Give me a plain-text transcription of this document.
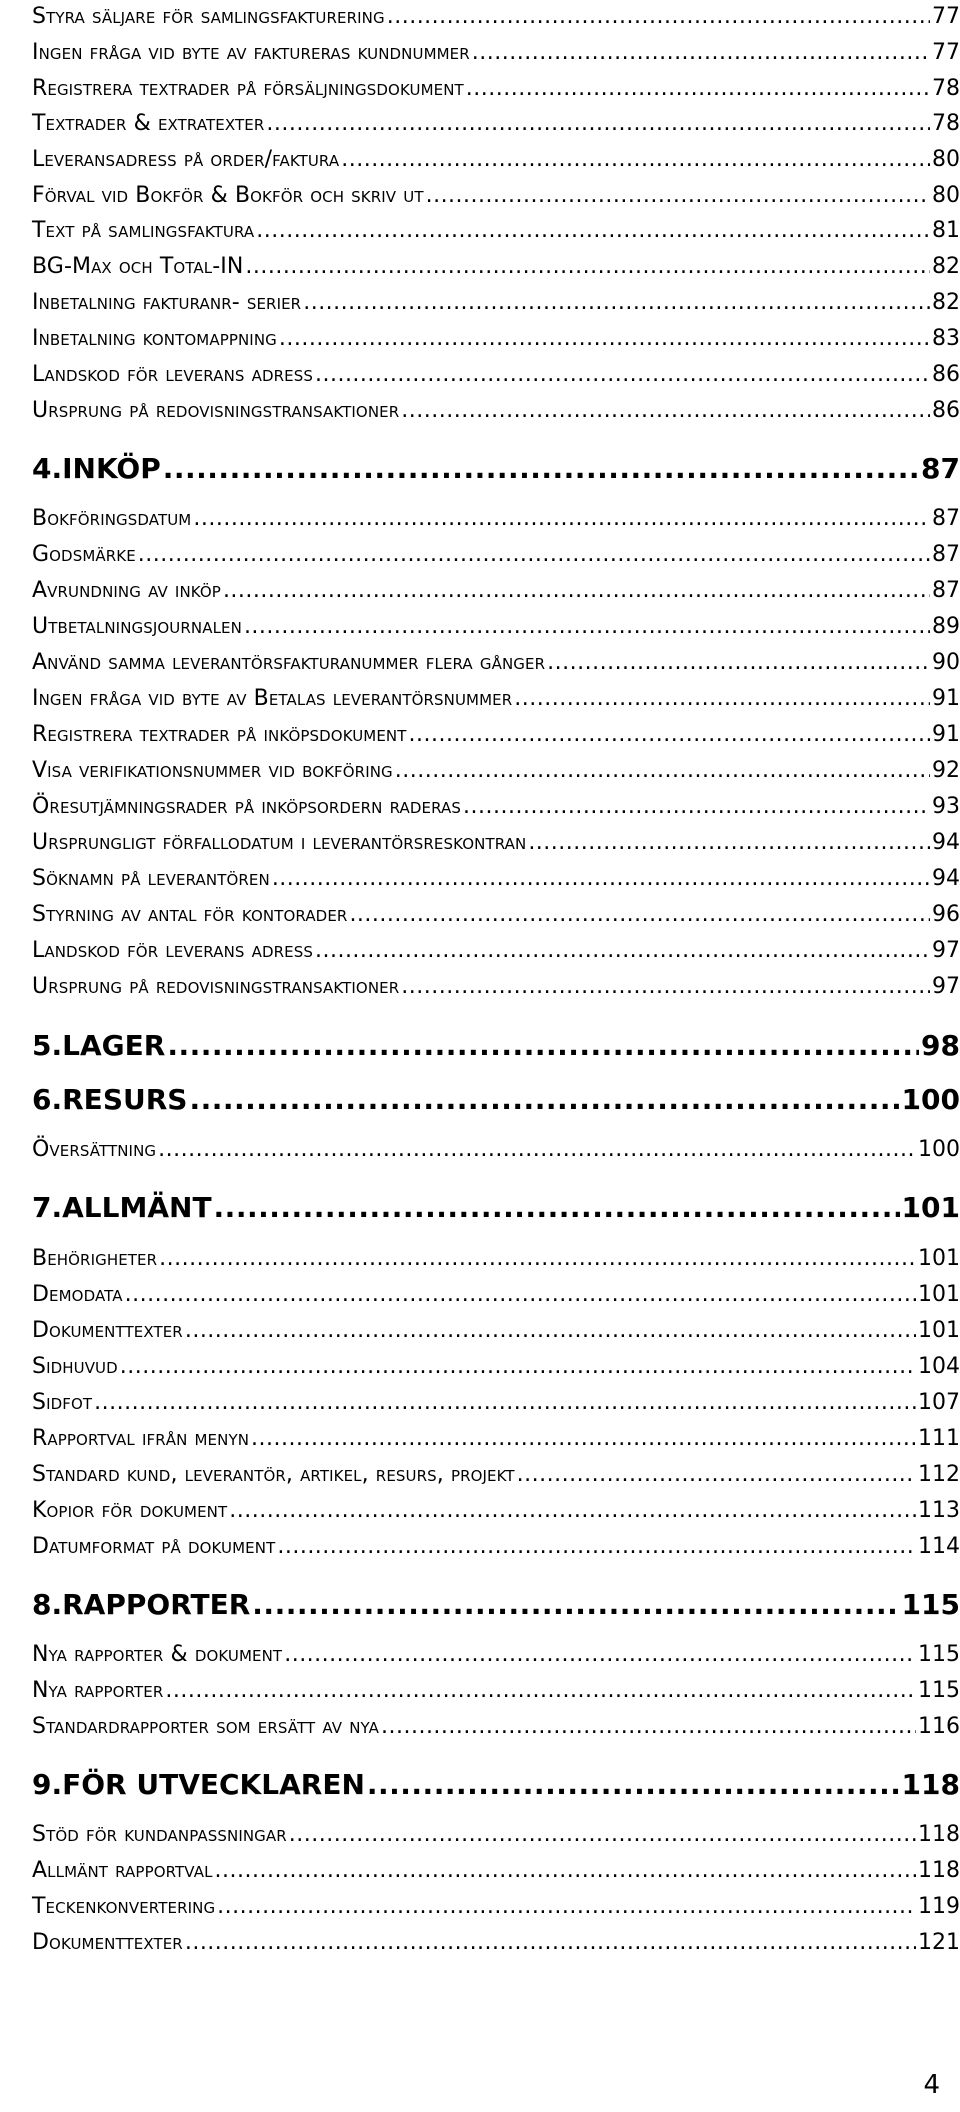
Styra säljare för samlingsfakturering .....	77
Ingen fråga vid byte av faktureras kundnummer .....	77
Registrera textrader på försäljningsdokument .....	78
Textrader & extratexter .....	78
Leveransadress på order/faktura .....	80
Förval vid Bokför & Bokför och skriv ut .....	80
Text på samlingsfaktura .....	81
BG-Max och Total-IN .....	82
Inbetalning fakturanr- serier .....	82
Inbetalning kontomappning .....	83
Landskod för leverans adress .....	86
Ursprung på redovisningstransaktioner .....	86
4. INKÖP .....	87
Bokföringsdatum .....	87
Godsmärke .....	87
Avrundning av inköp .....	87
Utbetalningsjournalen .....	89
Använd samma leverantörsfakturanummer flera gånger .....	90
Ingen fråga vid byte av Betalas leverantörsnummer .....	91
Registrera textrader på inköpsdokument .....	91
Visa verifikationsnummer vid bokföring .....	92
Öresutjämningsrader på inköpsordern raderas .....	93
Ursprungligt förfallodatum i leverantörsreskontran .....	94
Söknamn på leverantören .....	94
Styrning av antal för kontorader .....	96
Landskod för leverans adress .....	97
Ursprung på redovisningstransaktioner .....	97
5. LAGER .....	98
6. RESURS .....	100
Översättning .....	100
7. ALLMÄNT .....	101
Behörigheter .....	101
Demodata .....	101
Dokumenttexter .....	101
Sidhuvud .....	104
Sidfot .....	107
Rapportval ifrån menyn .....	111
Standard kund, leverantör, artikel, resurs, projekt .....	112
Kopior för dokument .....	113
Datumformat på dokument .....	114
8. RAPPORTER .....	115
Nya rapporter & dokument .....	115
Nya rapporter .....	115
Standardrapporter som ersätt av nya .....	116
9. FÖR UTVECKLAREN .....	118
Stöd för kundanpassningar .....	118
Allmänt rapportval .....	118
Teckenkonvertering .....	119
Dokumenttexter .....	121
4
